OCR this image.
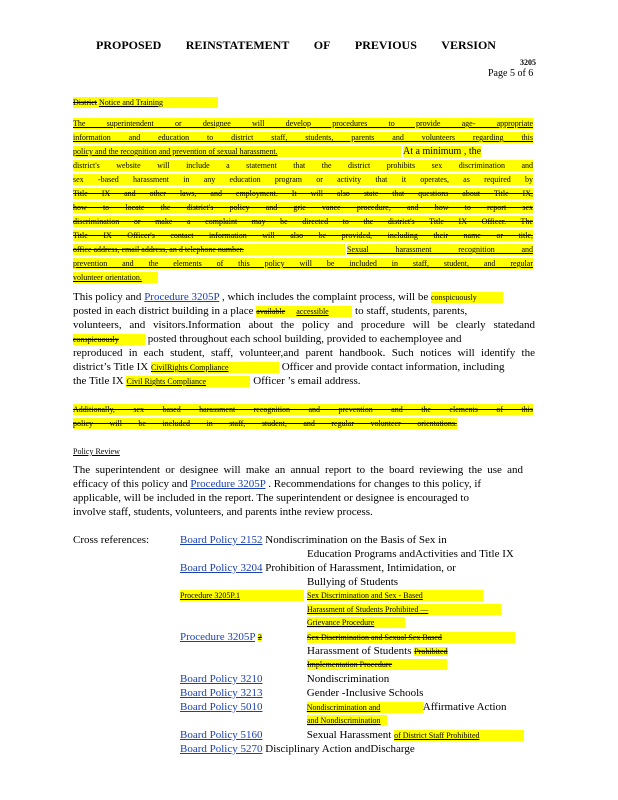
PROPOSED REINSTATEMENT OF PREVIOUS VERSION
3205
Page 5 of 6
District Notice and Training
The superintendent or designee will develop procedures to provide age- appropriate
information and education to district staff, students, parents and volunteers regarding this
policy and the recognition and prevention of sexual harassment.	At a minimum , the
district's website will include a statement that the district prohibits sex discrimination and
sex -based harassment in any education program or activity that it operates, as required by
Title IX and other laws, and employment. It will also state that questions about Title IX,
how to locate the district's policy and grie vance procedure, and how to report sex
discrimination or make a complaint may be directed to the district's Title IX Officer. The
Title IX Officer's contact information will also be provided, including their name or title,
office address, email address, an d telephone number.	Sexual harassment recognition and
prevention and the elements of this policy will be included in staff, student, and regular
volunteer orientation.
This policy and Procedure 3205P , which includes the complaint process, will be conspicuously
posted in each district building in a place available accessible to staff, students, parents,
volunteers, and visitors.Information about the policy and procedure will be clearly statedand
conspicuously	posted throughout each school building, provided to eachemployee and
reproduced in each student, staff, volunteer,and parent handbook. Such notices will identify the
district’s Title IX CivilRights Compliance	Officer and provide contact information, including
the Title IX Civil Rights Compliance	Officer ’s email address.
Additionally, sex based harassment recognition and prevention and the elements of this
policy will be included in staff, student, and regular volunteer orientations.
Policy Review
The superintendent or designee will make an annual report to the board reviewing the use and
efficacy of this policy and Procedure 3205P . Recommendations for changes to this policy, if
applicable, will be included in the report. The superintendent or designee is encouraged to
involve staff, students, volunteers, and parents inthe review process.
Cross references:	Board Policy 2152 Nondiscrimination on the Basis of Sex in
Education Programs andActivities and Title IX
Board Policy 3204 Prohibition of Harassment, Intimidation, or
Bullying of Students
Procedure 3205P.1	Sex Discrimination and Sex - Based
Harassment of Students Prohibited —
Grievance Procedure
Procedure 3205P 2	Sex Discrimination and Sexual Sex Based
Harassment of Students Prohibited
Implementation Procedure
Board Policy 3210	Nondiscrimination
Board Policy 3213	Gender -Inclusive Schools
Board Policy 5010	Nondiscrimination and	Affirmative Action
and Nondiscrimination
Board Policy 5160	Sexual Harassment of District Staff Prohibited
Board Policy 5270 Disciplinary Action andDischarge
